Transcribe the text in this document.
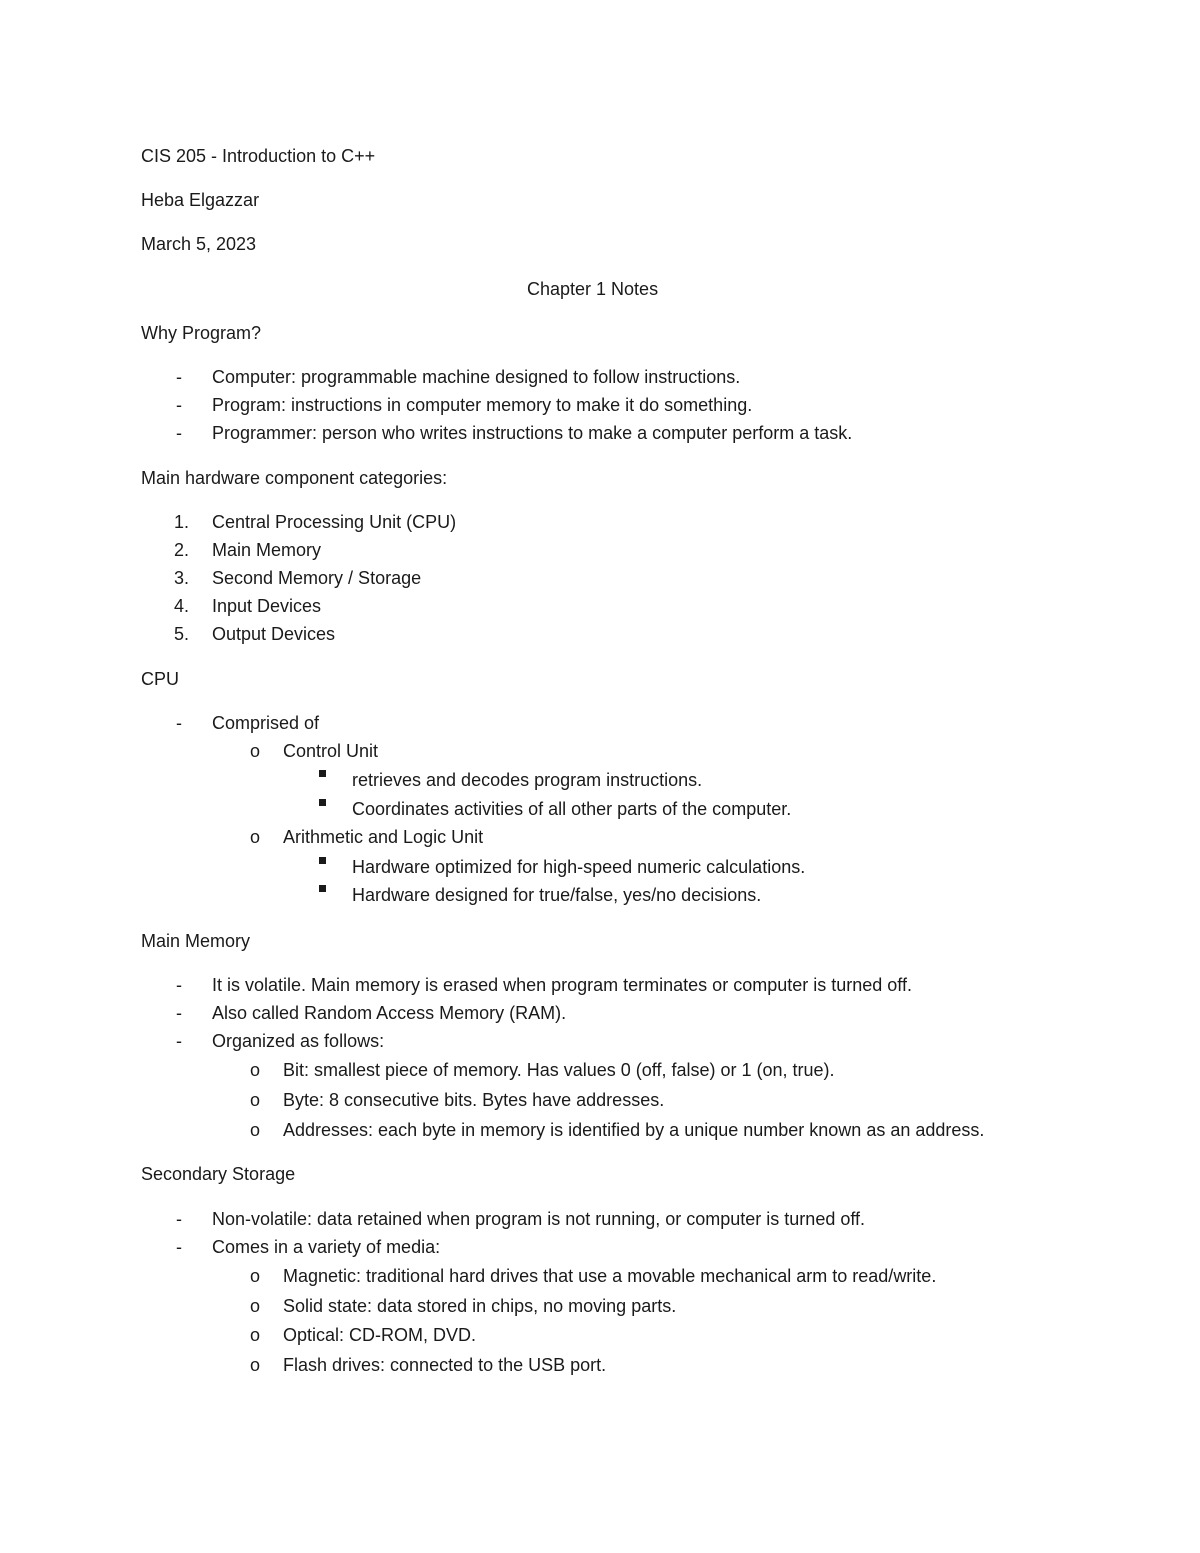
CIS 205 - Introduction to C++
Heba Elgazzar
March 5, 2023
Chapter 1 Notes
Why Program?
- Computer: programmable machine designed to follow instructions.
- Program: instructions in computer memory to make it do something.
- Programmer: person who writes instructions to make a computer perform a task.
Main hardware component categories:
1. Central Processing Unit (CPU)
2. Main Memory
3. Second Memory / Storage
4. Input Devices
5. Output Devices
CPU
- Comprised of
o Control Unit
retrieves and decodes program instructions.
Coordinates activities of all other parts of the computer.
o Arithmetic and Logic Unit
Hardware optimized for high-speed numeric calculations.
Hardware designed for true/false, yes/no decisions.
Main Memory
- It is volatile. Main memory is erased when program terminates or computer is turned off.
- Also called Random Access Memory (RAM).
- Organized as follows:
o Bit: smallest piece of memory. Has values 0 (off, false) or 1 (on, true).
o Byte: 8 consecutive bits. Bytes have addresses.
o Addresses: each byte in memory is identified by a unique number known as an address.
Secondary Storage
- Non-volatile: data retained when program is not running, or computer is turned off.
- Comes in a variety of media:
o Magnetic: traditional hard drives that use a movable mechanical arm to read/write.
o Solid state: data stored in chips, no moving parts.
o Optical: CD-ROM, DVD.
o Flash drives: connected to the USB port.
